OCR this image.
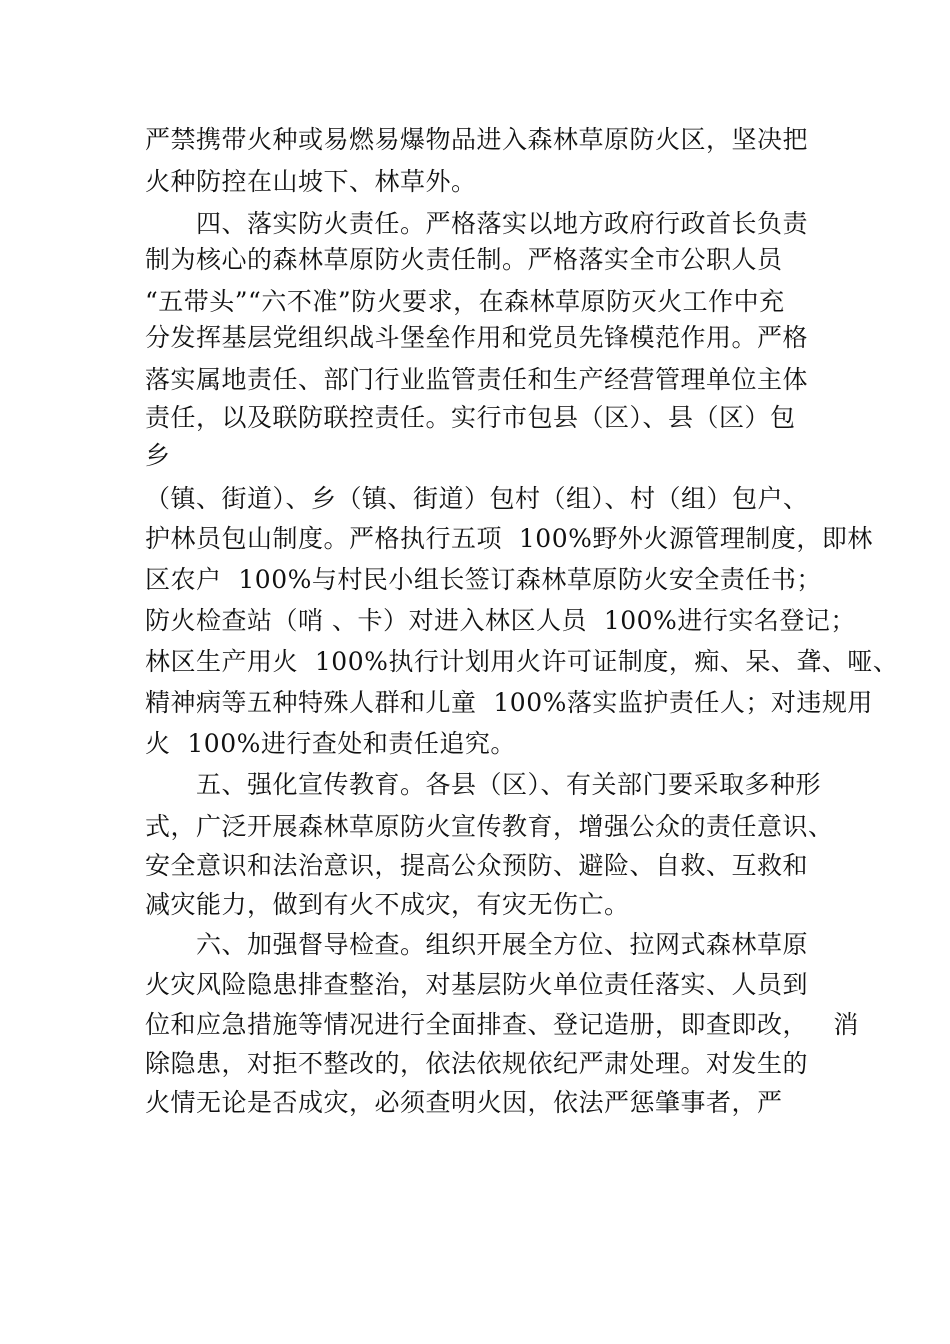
严禁携带火种或易燃易爆物品进入森林草原防火区，坚决把
火种防控在山坡下、林草外。
　　四、落实防火责任。严格落实以地方政府行政首长负责
制为核心的森林草原防火责任制。严格落实全市公职人员
“五带头”“六不准”防火要求，在森林草原防灭火工作中充
分发挥基层党组织战斗堡垒作用和党员先锋模范作用。严格
落实属地责任、部门行业监管责任和生产经营管理单位主体
责任，以及联防联控责任。实行市包县（区）、县（区）包
乡
（镇、街道）、乡（镇、街道）包村（组）、村（组）包户、
护林员包山制度。严格执行五项  100%野外火源管理制度，即林
区农户  100%与村民小组长签订森林草原防火安全责任书；
防火检查站（哨 、卡）对进入林区人员  100%进行实名登记；
林区生产用火  100%执行计划用火许可证制度，痴、呆、聋、哑、
精神病等五种特殊人群和儿童  100%落实监护责任人；对违规用
火  100%进行查处和责任追究。
　　五、强化宣传教育。各县（区）、有关部门要采取多种形
式，广泛开展森林草原防火宣传教育，增强公众的责任意识、
安全意识和法治意识，提高公众预防、避险、自救、互救和
减灾能力，做到有火不成灾，有灾无伤亡。
　　六、加强督导检查。组织开展全方位、拉网式森林草原
火灾风险隐患排查整治，对基层防火单位责任落实、人员到
位和应急措施等情况进行全面排查、登记造册，即查即改，   消
除隐患，对拒不整改的，依法依规依纪严肃处理。对发生的
火情无论是否成灾，必须查明火因，依法严惩肇事者，严
